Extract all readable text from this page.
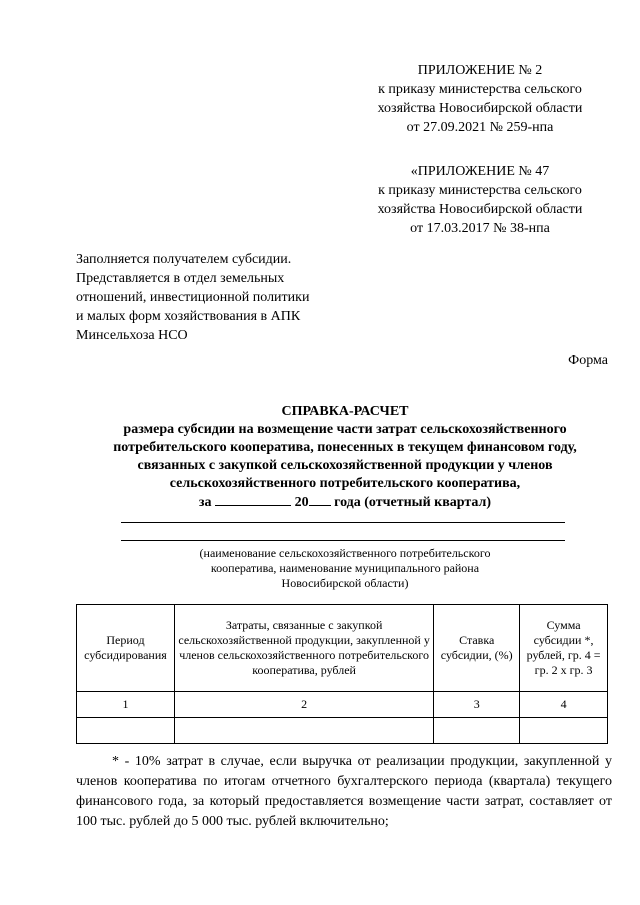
ПРИЛОЖЕНИЕ № 2
к приказу министерства сельского
хозяйства Новосибирской области
от 27.09.2021 № 259-нпа
«ПРИЛОЖЕНИЕ № 47
к приказу министерства сельского
хозяйства Новосибирской области
от 17.03.2017 № 38-нпа
Заполняется получателем субсидии.
Представляется в отдел земельных
отношений, инвестиционной политики
и малых форм хозяйствования в АПК
Минсельхоза НСО
Форма
СПРАВКА-РАСЧЕТ
размера субсидии на возмещение части затрат сельскохозяйственного
потребительского кооператива, понесенных в текущем финансовом году,
связанных с закупкой сельскохозяйственной продукции у членов
сельскохозяйственного потребительского кооператива,
за	20 года (отчетный квартал)
(наименование сельскохозяйственного потребительского
кооператива, наименование муниципального района
Новосибирской области)
Период субсидирования	Затраты, связанные с закупкой сельскохозяйственной продукции, закупленной у членов сельскохозяйственного потребительского кооператива, рублей	Ставка субсидии, (%)	Сумма субсидии *, рублей, гр. 4 = гр. 2 х гр. 3
1	2	3	4

* - 10% затрат в случае, если выручка от реализации продукции, закупленной у членов кооператива по итогам отчетного бухгалтерского периода (квартала) текущего финансового года, за который предоставляется возмещение части затрат, составляет от 100 тыс. рублей до 5 000 тыс. рублей включительно;
